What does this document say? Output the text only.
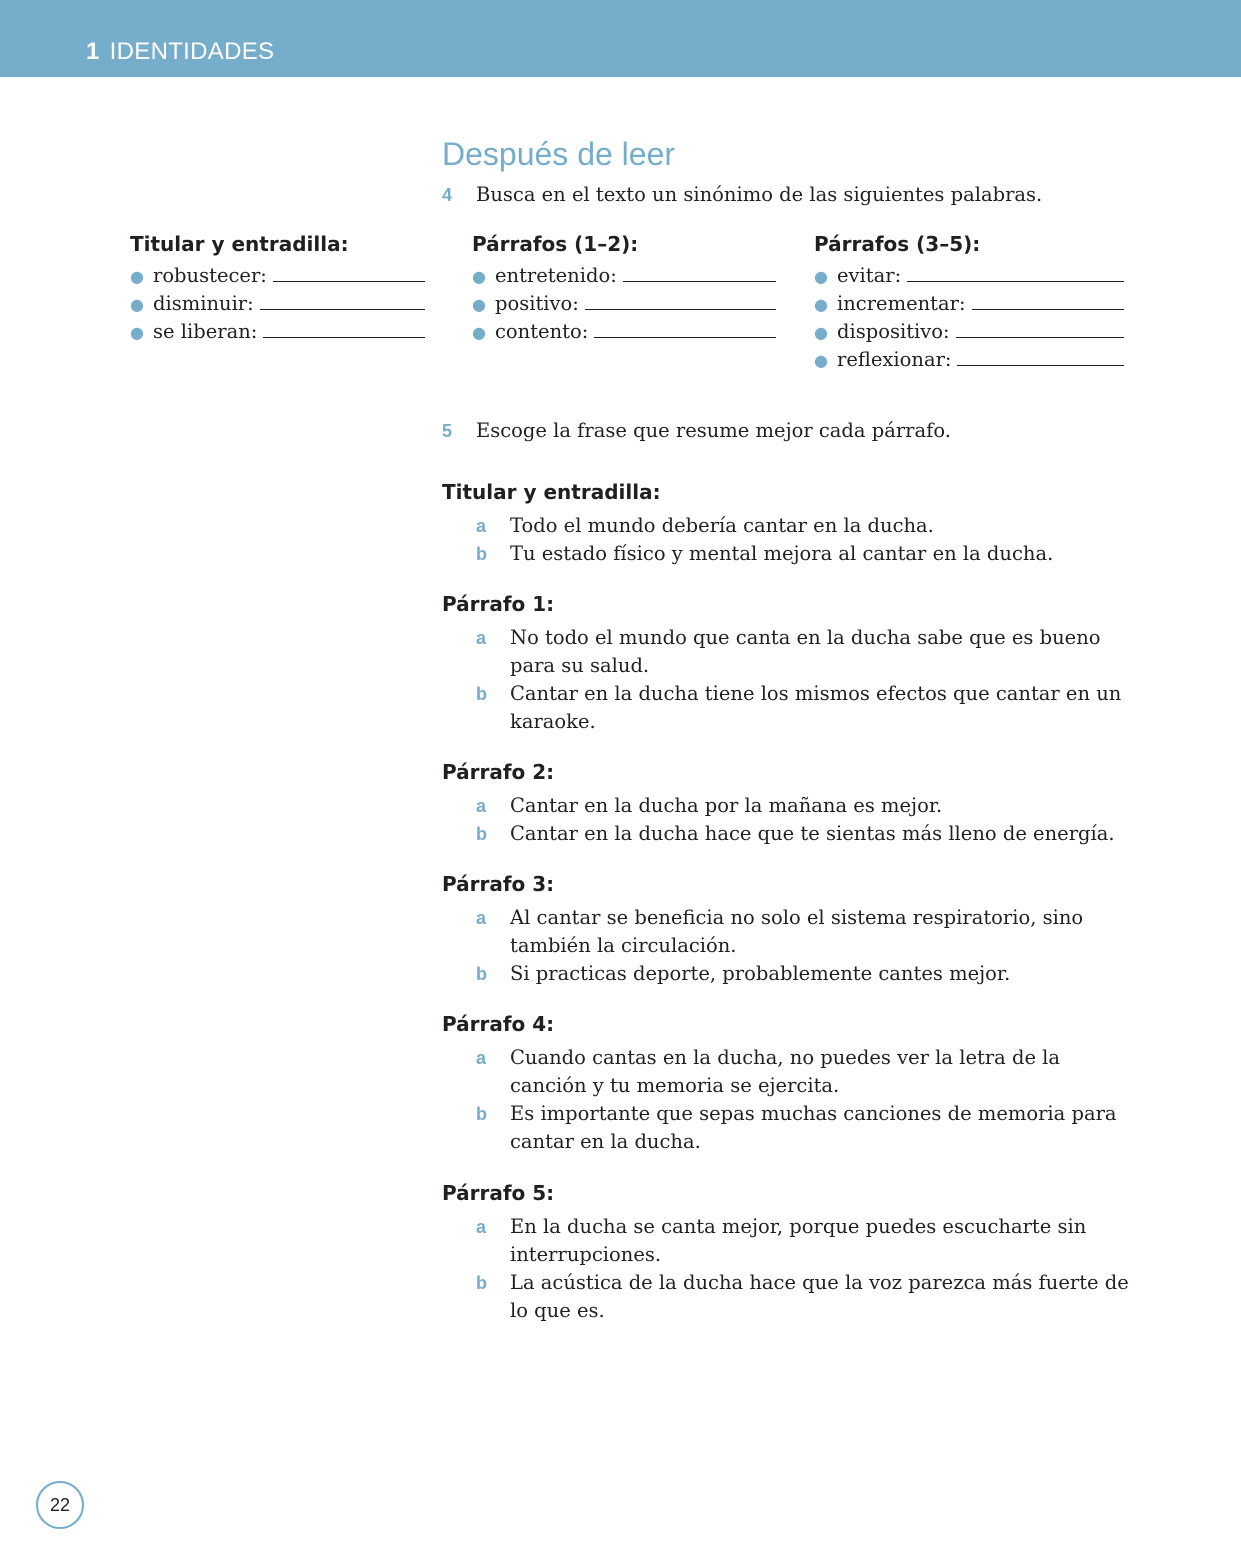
1 IDENTIDADES
Después de leer
4 Busca en el texto un sinónimo de las siguientes palabras.
Titular y entradilla:
● robustecer:
● disminuir:
● se liberan:
Párrafos (1–2):
● entretenido:
● positivo:
● contento:
Párrafos (3–5):
● evitar:
● incrementar:
● dispositivo:
● reflexionar:
5 Escoge la frase que resume mejor cada párrafo.
Titular y entradilla:
a	Todo el mundo debería cantar en la ducha.
b	Tu estado físico y mental mejora al cantar en la ducha.
Párrafo 1:
a	No todo el mundo que canta en la ducha sabe que es bueno para su salud.
b	Cantar en la ducha tiene los mismos efectos que cantar en un karaoke.
Párrafo 2:
a	Cantar en la ducha por la mañana es mejor.
b	Cantar en la ducha hace que te sientas más lleno de energía.
Párrafo 3:
a	Al cantar se beneficia no solo el sistema respiratorio, sino también la circulación.
b	Si practicas deporte, probablemente cantes mejor.
Párrafo 4:
a	Cuando cantas en la ducha, no puedes ver la letra de la canción y tu memoria se ejercita.
b	Es importante que sepas muchas canciones de memoria para cantar en la ducha.
Párrafo 5:
a	En la ducha se canta mejor, porque puedes escucharte sin interrupciones.
b	La acústica de la ducha hace que la voz parezca más fuerte de lo que es.
22
